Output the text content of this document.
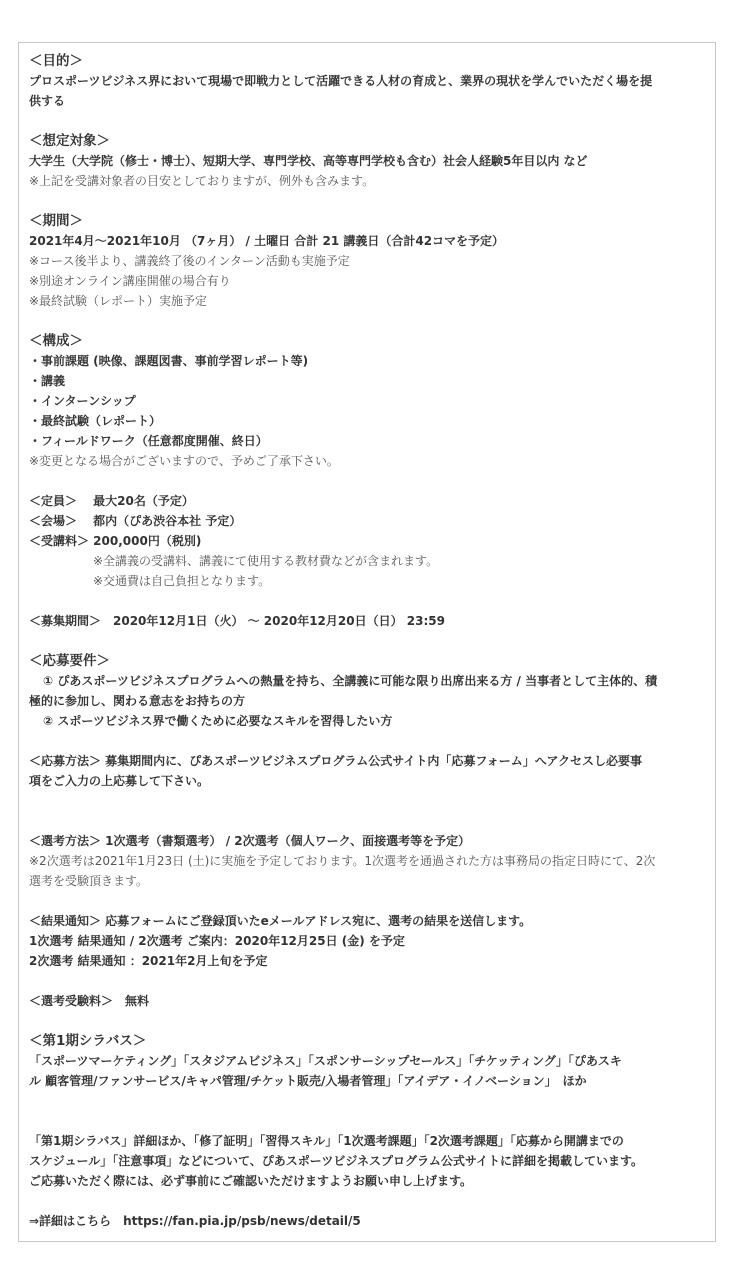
＜目的＞
プロスポーツビジネス界において現場で即戦力として活躍できる人材の育成と、業界の現状を学んでいただく場を提
供する
＜想定対象＞
大学生（大学院（修士・博士）、短期大学、専門学校、高等専門学校も含む）社会人経験5年目以内 など
※上記を受講対象者の目安としておりますが、例外も含みます。
＜期間＞
2021年4月〜2021年10月 （7ヶ月） / 土曜日 合計 21 講義日（合計42コマを予定）
※コース後半より、講義終了後のインターン活動も実施予定
※別途オンライン講座開催の場合有り
※最終試験（レポート）実施予定
＜構成＞
・事前課題 (映像、課題図書、事前学習レポート等)
・講義
・インターンシップ
・最終試験（レポート）
・フィールドワーク（任意都度開催、終日）
※変更となる場合がございますので、予めご了承下さい。
＜定員＞　 最大20名（予定）
＜会場＞　 都内（ぴあ渋谷本社 予定）
＜受講料＞ 200,000円（税別)
※全講義の受講料、講義にて使用する教材費などが含まれます。
※交通費は自己負担となります。
＜募集期間＞　2020年12月1日（火） 〜 2020年12月20日（日） 23:59
＜応募要件＞
① ぴあスポーツビジネスプログラムへの熱量を持ち、全講義に可能な限り出席出来る方 / 当事者として主体的、積
極的に参加し、関わる意志をお持ちの方
② スポーツビジネス界で働くために必要なスキルを習得したい方
＜応募方法＞ 募集期間内に、ぴあスポーツビジネスプログラム公式サイト内「応募フォーム」へアクセスし必要事
項をご入力の上応募して下さい。
＜選考方法＞ 1次選考（書類選考） / 2次選考（個人ワーク、面接選考等を予定）
※2次選考は2021年1月23日 (土)に実施を予定しております。1次選考を通過された方は事務局の指定日時にて、2次
選考を受験頂きます。
＜結果通知＞ 応募フォームにご登録頂いたeメールアドレス宛に、選考の結果を送信します。
1次選考 結果通知 / 2次選考 ご案内：2020年12月25日 (金) を予定
2次選考 結果通知 ：2021年2月上旬を予定
＜選考受験料＞　無料
＜第1期シラバス＞
「スポーツマーケティング」「スタジアムビジネス」「スポンサーシップセールス」「チケッティング」「ぴあスキ
ル 顧客管理/ファンサービス/キャパ管理/チケット販売/入場者管理」「アイデア・イノベーション」　ほか
「第1期シラバス」詳細ほか、「修了証明」「習得スキル」「1次選考課題」「2次選考課題」「応募から開講までの
スケジュール」「注意事項」などについて、ぴあスポーツビジネスプログラム公式サイトに詳細を掲載しています。
ご応募いただく際には、必ず事前にご確認いただけますようお願い申し上げます。
⇒詳細はこちら　https://fan.pia.jp/psb/news/detail/5
